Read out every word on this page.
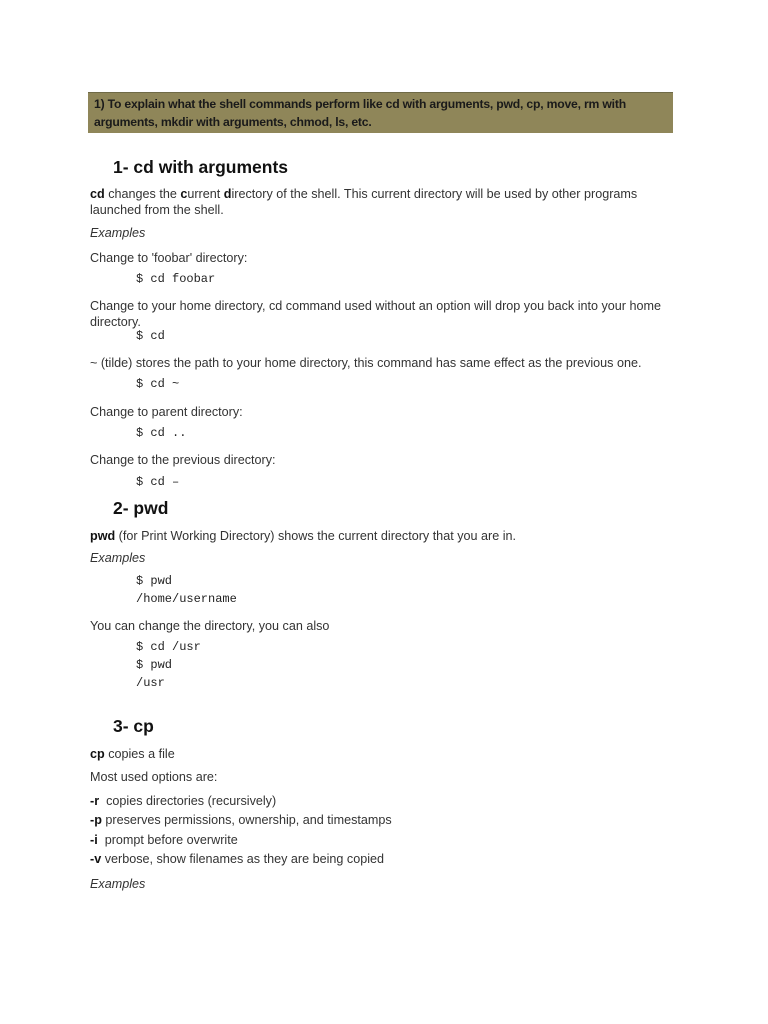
1) To explain what the shell commands perform like cd with arguments, pwd, cp, move, rm with arguments, mkdir with arguments, chmod, ls, etc.

1- cd with arguments
cd changes the current directory of the shell. This current directory will be used by other programs launched from the shell.
Examples
Change to 'foobar' directory:
$ cd foobar
Change to your home directory, cd command used without an option will drop you back into your home directory.
$ cd
~ (tilde) stores the path to your home directory, this command has same effect as the previous one.
$ cd ~
Change to parent directory:
$ cd ..
Change to the previous directory:
$ cd –
2- pwd
pwd (for Print Working Directory) shows the current directory that you are in.
Examples
$ pwd
/home/username
You can change the directory, you can also
$ cd /usr
$ pwd
/usr
3- cp
cp copies a file
Most used options are:
-r  copies directories (recursively)
-p preserves permissions, ownership, and timestamps
-i  prompt before overwrite
-v verbose, show filenames as they are being copied
Examples
